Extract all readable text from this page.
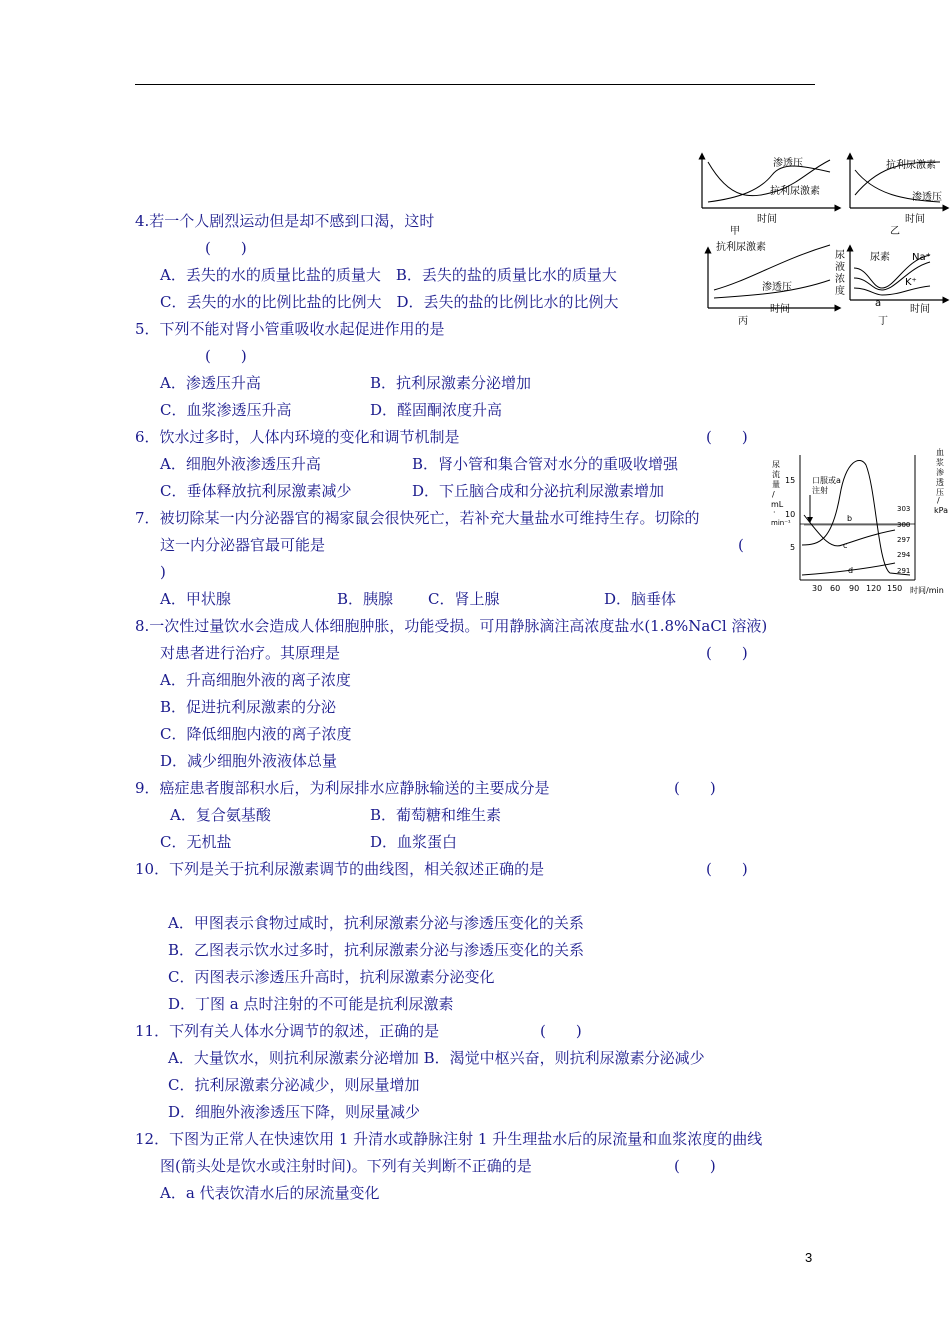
4.若一个人剧烈运动但是却不感到口渴，这时
(　　)
A．丢失的水的质量比盐的质量大　B．丢失的盐的质量比水的质量大
C．丢失的水的比例比盐的比例大　D．丢失的盐的比例比水的比例大
5．下列不能对肾小管重吸收水起促进作用的是
(　　)
A．渗透压升高	B．抗利尿激素分泌增加
C．血浆渗透压升高	D．醛固酮浓度升高
6．饮水过多时，人体内环境的变化和调节机制是	(　　)
A．细胞外液渗透压升高	B．肾小管和集合管对水分的重吸收增强
C．垂体释放抗利尿激素减少	D．下丘脑合成和分泌抗利尿激素增加
7．被切除某一内分泌器官的褐家鼠会很快死亡，若补充大量盐水可维持生存。切除的
这一内分泌器官最可能是	(
)
A．甲状腺	B．胰腺 C．肾上腺	D．脑垂体
8.一次性过量饮水会造成人体细胞肿胀，功能受损。可用静脉滴注高浓度盐水(1.8%NaCl 溶液)
对患者进行治疗。其原理是	(　　)
A．升高细胞外液的离子浓度
B．促进抗利尿激素的分泌
C．降低细胞内液的离子浓度
D．减少细胞外液液体总量
9．癌症患者腹部积水后，为利尿排水应静脉输送的主要成分是	(　　)
A．复合氨基酸	B．葡萄糖和维生素
C．无机盐	D．血浆蛋白
10．下列是关于抗利尿激素调节的曲线图，相关叙述正确的是	(　　)
A．甲图表示食物过咸时，抗利尿激素分泌与渗透压变化的关系
B．乙图表示饮水过多时，抗利尿激素分泌与渗透压变化的关系
C．丙图表示渗透压升高时，抗利尿激素分泌变化
D．丁图 a 点时注射的不可能是抗利尿激素
11．下列有关人体水分调节的叙述，正确的是	(　　)
A．大量饮水，则抗利尿激素分泌增加 B．渴觉中枢兴奋，则抗利尿激素分泌减少
C．抗利尿激素分泌减少，则尿量增加
D．细胞外液渗透压下降，则尿量减少
12．下图为正常人在快速饮用 1 升清水或静脉注射 1 升生理盐水后的尿流量和血浆浓度的曲线
图(箭头处是饮水或注射时间)。下列有关判断不正确的是	(　　)
A．a 代表饮清水后的尿流量变化
渗透压
抗利尿激素
时间
甲
抗利尿激素
渗透压
时间
乙
抗利尿激素
渗透压
时间
丙
尿
液
浓
度
尿素 Na⁺
K⁺
a
时间
丁
尿
流
量
/
mL
·
min⁻¹
血
浆
渗
透
压
/
kPa
15
10
5
303
300
297
294
291
口服或
注射
a
b
c
d
30 60 90 120 150 时间/min
3
